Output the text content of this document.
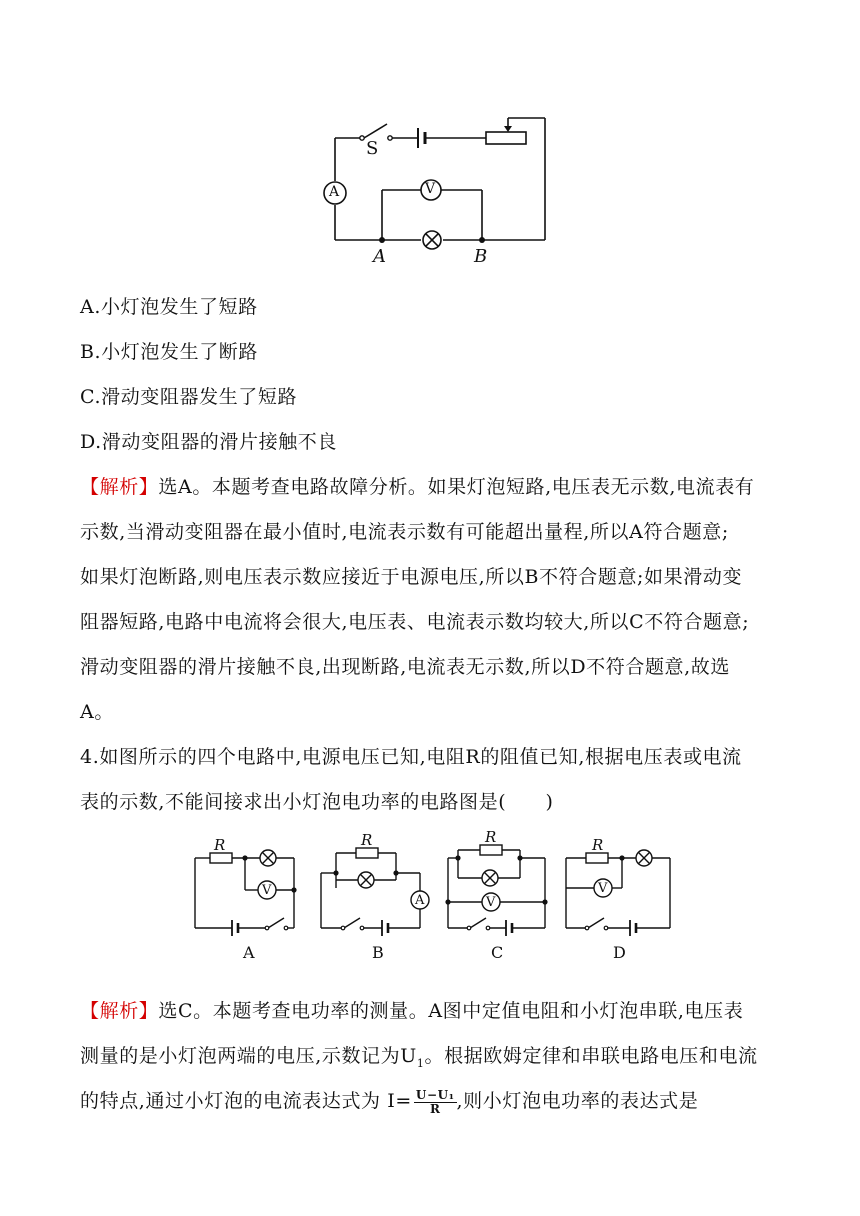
S
A	V
A	B
A.小灯泡发生了短路
B.小灯泡发生了断路
C.滑动变阻器发生了短路
D.滑动变阻器的滑片接触不良
【解析】选A。本题考查电路故障分析。如果灯泡短路,电压表无示数,电流表有
示数,当滑动变阻器在最小值时,电流表示数有可能超出量程,所以A符合题意;
如果灯泡断路,则电压表示数应接近于电源电压,所以B不符合题意;如果滑动变
阻器短路,电路中电流将会很大,电压表、电流表示数均较大,所以C不符合题意;
滑动变阻器的滑片接触不良,出现断路,电流表无示数,所以D不符合题意,故选
A。
4.如图所示的四个电路中,电源电压已知,电阻R的阻值已知,根据电压表或电流
表的示数,不能间接求出小灯泡电功率的电路图是(　　)
R
V
R
A
R
V
R
V
A	B	C	D
【解析】选C。本题考查电功率的测量。A图中定值电阻和小灯泡串联,电压表
测量的是小灯泡两端的电压,示数记为$U_1$。根据欧姆定律和串联电路电压和电流
的特点,通过小灯泡的电流表达式为 $I= \frac{\text{U−U₁}}{R}$ ,则小灯泡电功率的表达式是
